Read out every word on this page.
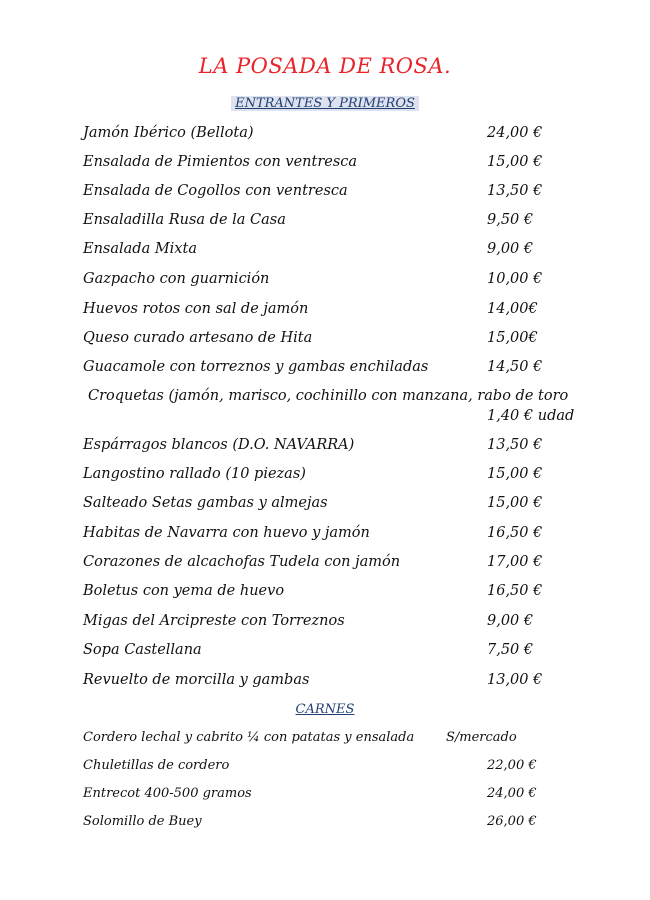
LA POSADA DE ROSA.
ENTRANTES Y PRIMEROS
Jamón Ibérico (Bellota)	24,00 €
Ensalada de Pimientos con ventresca	15,00 €
Ensalada de Cogollos con ventresca	13,50 €
Ensaladilla Rusa de la Casa	9,50 €
Ensalada Mixta	9,00 €
Gazpacho con guarnición	10,00 €
Huevos rotos con sal de jamón	14,00€
Queso curado artesano de Hita	15,00€
Guacamole con torreznos y gambas enchiladas	14,50 €
Croquetas (jamón, marisco, cochinillo con manzana, rabo de toro
1,40 € udad
Espárragos blancos (D.O. NAVARRA)	13,50 €
Langostino rallado (10 piezas)	15,00 €
Salteado Setas gambas y almejas	15,00 €
Habitas de Navarra con huevo y jamón	16,50 €
Corazones de alcachofas Tudela con jamón	17,00 €
Boletus con yema de huevo	16,50 €
Migas del Arcipreste con Torreznos	9,00 €
Sopa Castellana	7,50 €
Revuelto de morcilla y gambas	13,00 €
CARNES
Cordero lechal y cabrito ¼ con patatas y ensalada S/mercado
Chuletillas de cordero	22,00 €
Entrecot 400-500 gramos	24,00 €
Solomillo de Buey	26,00 €
